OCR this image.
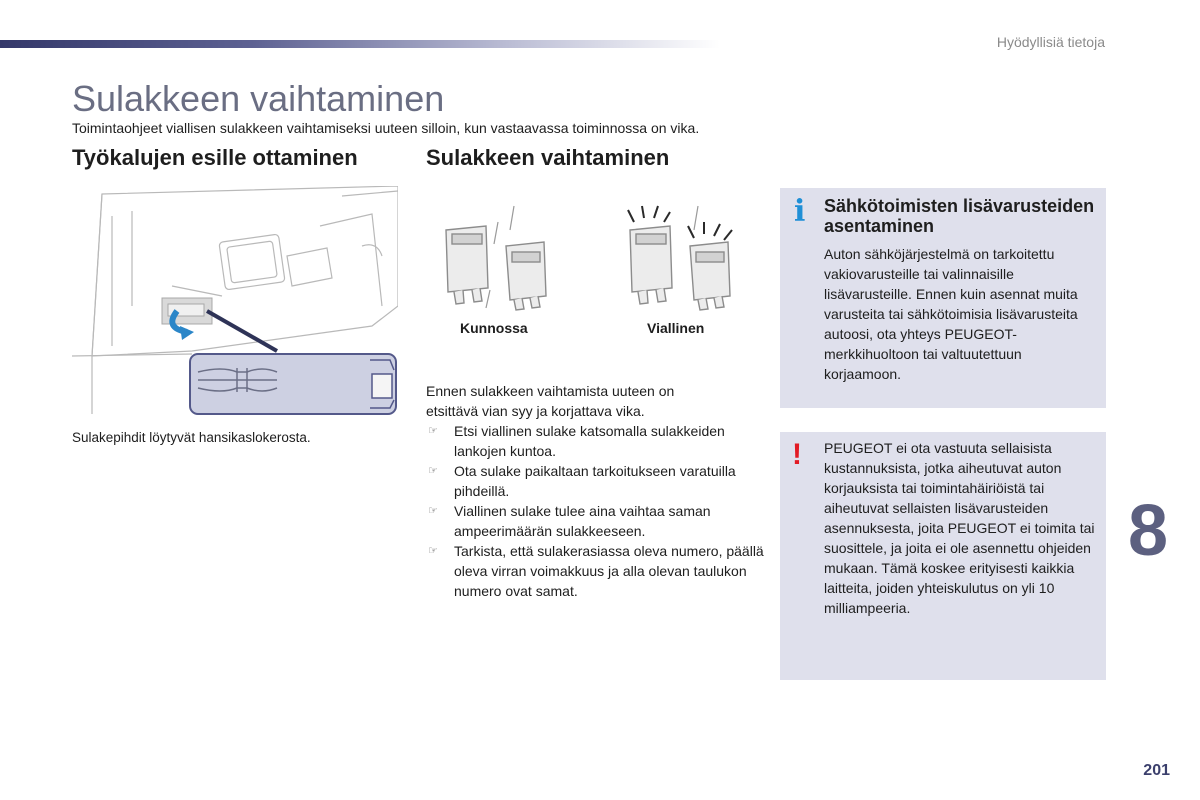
Hyödyllisiä tietoja
Sulakkeen vaihtaminen
Toimintaohjeet viallisen sulakkeen vaihtamiseksi uuteen silloin, kun vastaavassa toiminnossa on vika.
Työkalujen esille ottaminen	Sulakkeen vaihtaminen
Sulakepihdit löytyvät hansikaslokerosta.
Kunnossa	Viallinen
Ennen sulakkeen vaihtamista uuteen on etsittävä vian syy ja korjattava vika.
☞ Etsi viallinen sulake katsomalla sulakkeiden lankojen kuntoa.
☞ Ota sulake paikaltaan tarkoitukseen varatuilla pihdeillä.
☞ Viallinen sulake tulee aina vaihtaa saman ampeerimäärän sulakkeeseen.
☞ Tarkista, että sulakerasiassa oleva numero, päällä oleva virran voimakkuus ja alla olevan taulukon numero ovat samat.
i Sähkötoimisten lisävarusteiden asentaminen
Auton sähköjärjestelmä on tarkoitettu vakiovarusteille tai valinnaisille lisävarusteille. Ennen kuin asennat muita varusteita tai sähkötoimisia lisävarusteita autoosi, ota yhteys PEUGEOT-merkkihuoltoon tai valtuutettuun korjaamoon.
! PEUGEOT ei ota vastuuta sellaisista kustannuksista, jotka aiheutuvat auton korjauksista tai toimintahäiriöistä tai aiheutuvat sellaisten lisävarusteiden asennuksesta, joita PEUGEOT ei toimita tai suosittele, ja joita ei ole asennettu ohjeiden mukaan. Tämä koskee erityisesti kaikkia laitteita, joiden yhteiskulutus on yli 10 milliampeeria.
8
201
